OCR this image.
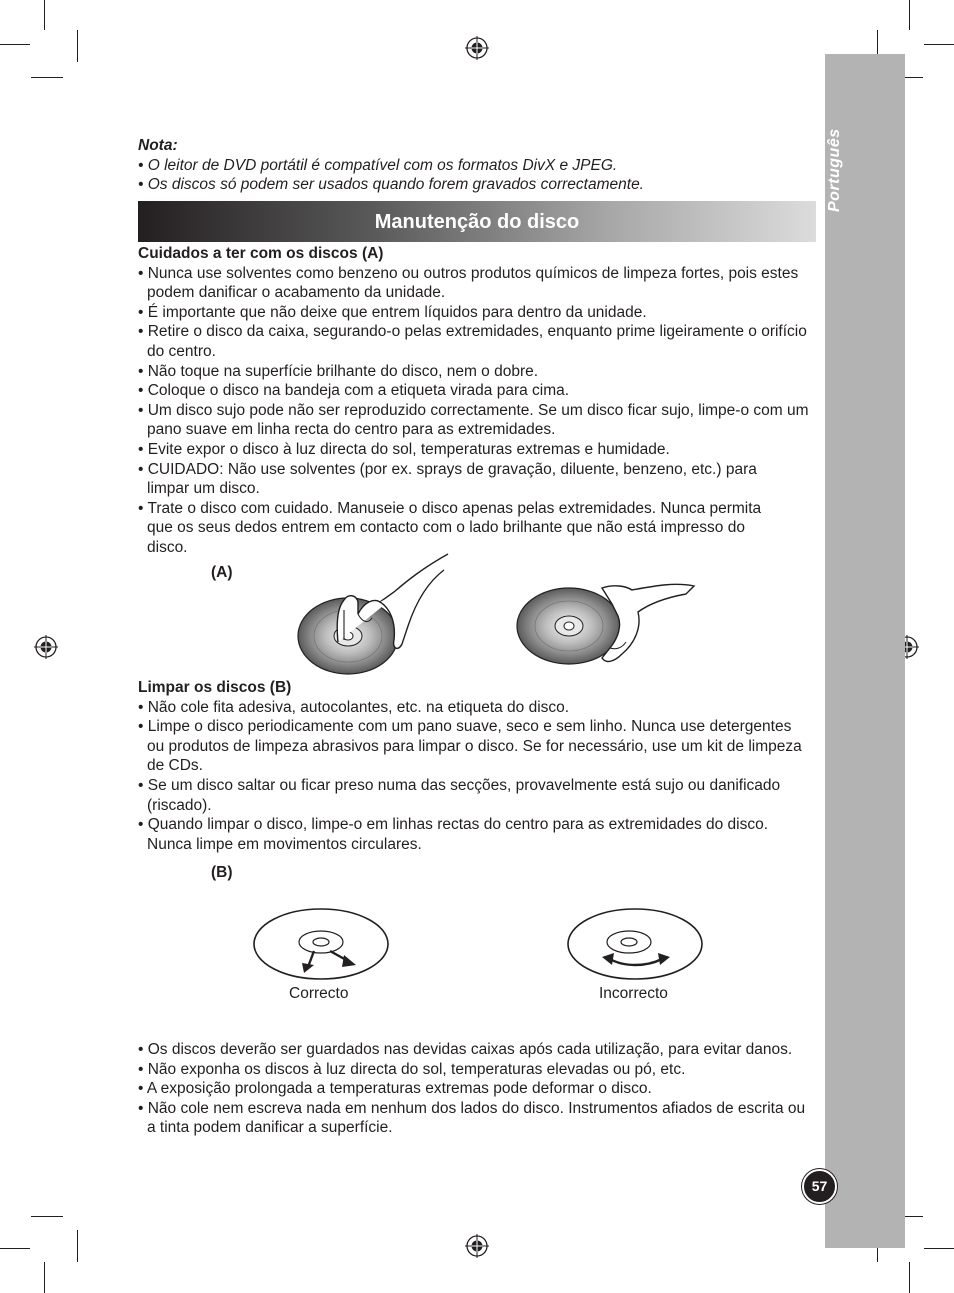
Português
57
Nota:
• O leitor de DVD portátil é compatível com os formatos DivX e JPEG.
• Os discos só podem ser usados quando forem gravados correctamente.
Manutenção do disco
Cuidados a ter com os discos (A)
• Nunca use solventes como benzeno ou outros produtos químicos de limpeza fortes, pois estes podem danificar o acabamento da unidade.
• É importante que não deixe que entrem líquidos para dentro da unidade.
• Retire o disco da caixa, segurando-o pelas extremidades, enquanto prime ligeiramente o orifício do centro.
• Não toque na superfície brilhante do disco, nem o dobre.
• Coloque o disco na bandeja com a etiqueta virada para cima.
• Um disco sujo pode não ser reproduzido correctamente. Se um disco ficar sujo, limpe-o com um pano suave em linha recta do centro para as extremidades.
• Evite expor o disco à luz directa do sol, temperaturas extremas e humidade.
• CUIDADO: Não use solventes (por ex. sprays de gravação, diluente, benzeno, etc.) para limpar um disco.
• Trate o disco com cuidado. Manuseie o disco apenas pelas extremidades. Nunca permita que os seus dedos entrem em contacto com o lado brilhante que não está impresso do disco.
(A)
Limpar os discos (B)
• Não cole fita adesiva, autocolantes, etc. na etiqueta do disco.
• Limpe o disco periodicamente com um pano suave, seco e sem linho. Nunca use detergentes ou produtos de limpeza abrasivos para limpar o disco. Se for necessário, use um kit de limpeza de CDs.
• Se um disco saltar ou ficar preso numa das secções, provavelmente está sujo ou danificado (riscado).
• Quando limpar o disco, limpe-o em linhas rectas do centro para as extremidades do disco. Nunca limpe em movimentos circulares.
(B)
Correcto	Incorrecto
• Os discos deverão ser guardados nas devidas caixas após cada utilização, para evitar danos.
• Não exponha os discos à luz directa do sol, temperaturas elevadas ou pó, etc.
• A exposição prolongada a temperaturas extremas pode deformar o disco.
• Não cole nem escreva nada em nenhum dos lados do disco. Instrumentos afiados de escrita ou a tinta podem danificar a superfície.
